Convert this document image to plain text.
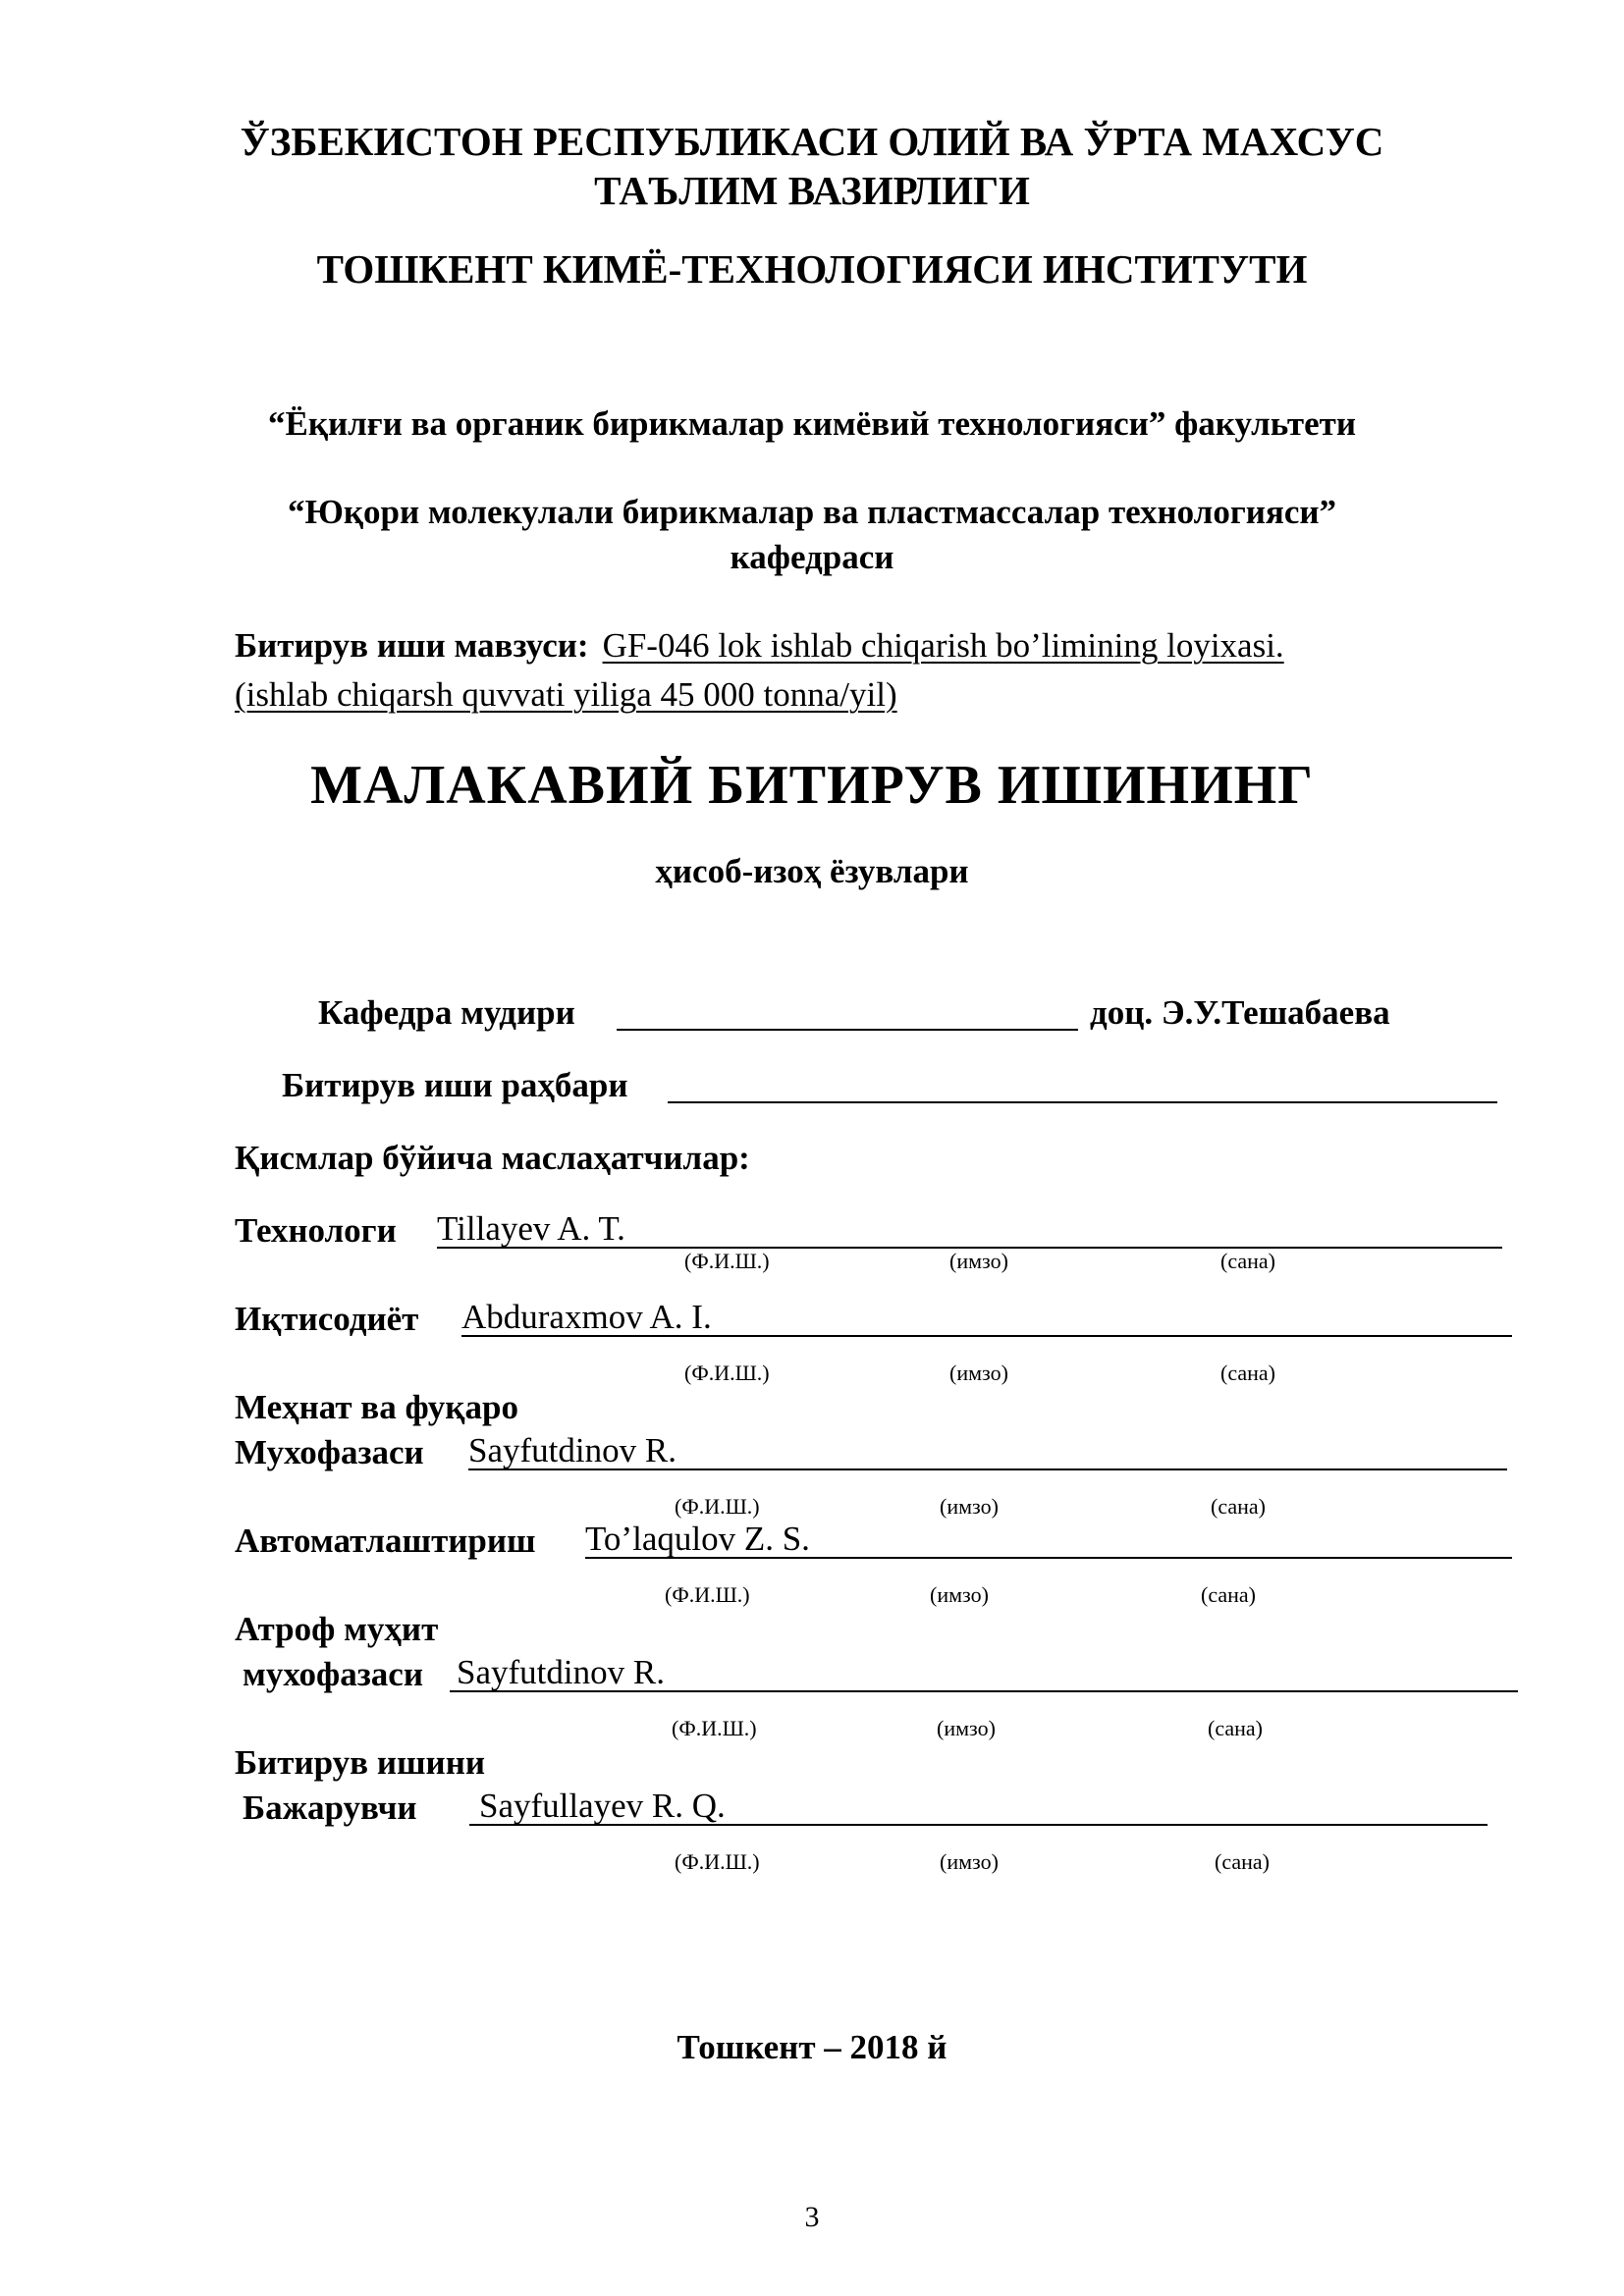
ЎЗБЕКИСТОН РЕСПУБЛИКАСИ ОЛИЙ ВА ЎРТА МАХСУС
ТАЪЛИМ ВАЗИРЛИГИ
ТОШКЕНТ КИМЁ-ТЕХНОЛОГИЯСИ ИНСТИТУТИ
“Ёқилғи ва органик бирикмалар кимёвий технологияси” факультети
“Юқори молекулали бирикмалар ва пластмассалар технологияси”
кафедраси
Битирув иши мавзуси: GF-046 lok ishlab chiqarish bo’limining loyixasi.
(ishlab chiqarsh quvvati yiliga 45 000 tonna/yil)
МАЛАКАВИЙ БИТИРУВ ИШИНИНГ
ҳисоб-изоҳ ёзувлари
Кафедра мудири	доц. Э.У.Тешабаева
Битирув иши раҳбари
Қисмлар бўйича маслаҳатчилар:
Технологи Tillayev A. T.
(Ф.И.Ш.)	(имзо)	(сана)
Иқтисодиёт Abduraxmov A. I.
(Ф.И.Ш.)	(имзо)	(сана)
Меҳнат ва фуқаро
Мухофазаси Sayfutdinov R.
(Ф.И.Ш.)	(имзо)	(сана)
Автоматлаштириш To’laqulov Z. S.
(Ф.И.Ш.)	(имзо)	(сана)
Атроф муҳит
мухофазаси Sayfutdinov R.
(Ф.И.Ш.)	(имзо)	(сана)
Битирув ишини
Бажарувчи Sayfullayev R. Q.
(Ф.И.Ш.)	(имзо)	(сана)
Тошкент – 2018 й
3
